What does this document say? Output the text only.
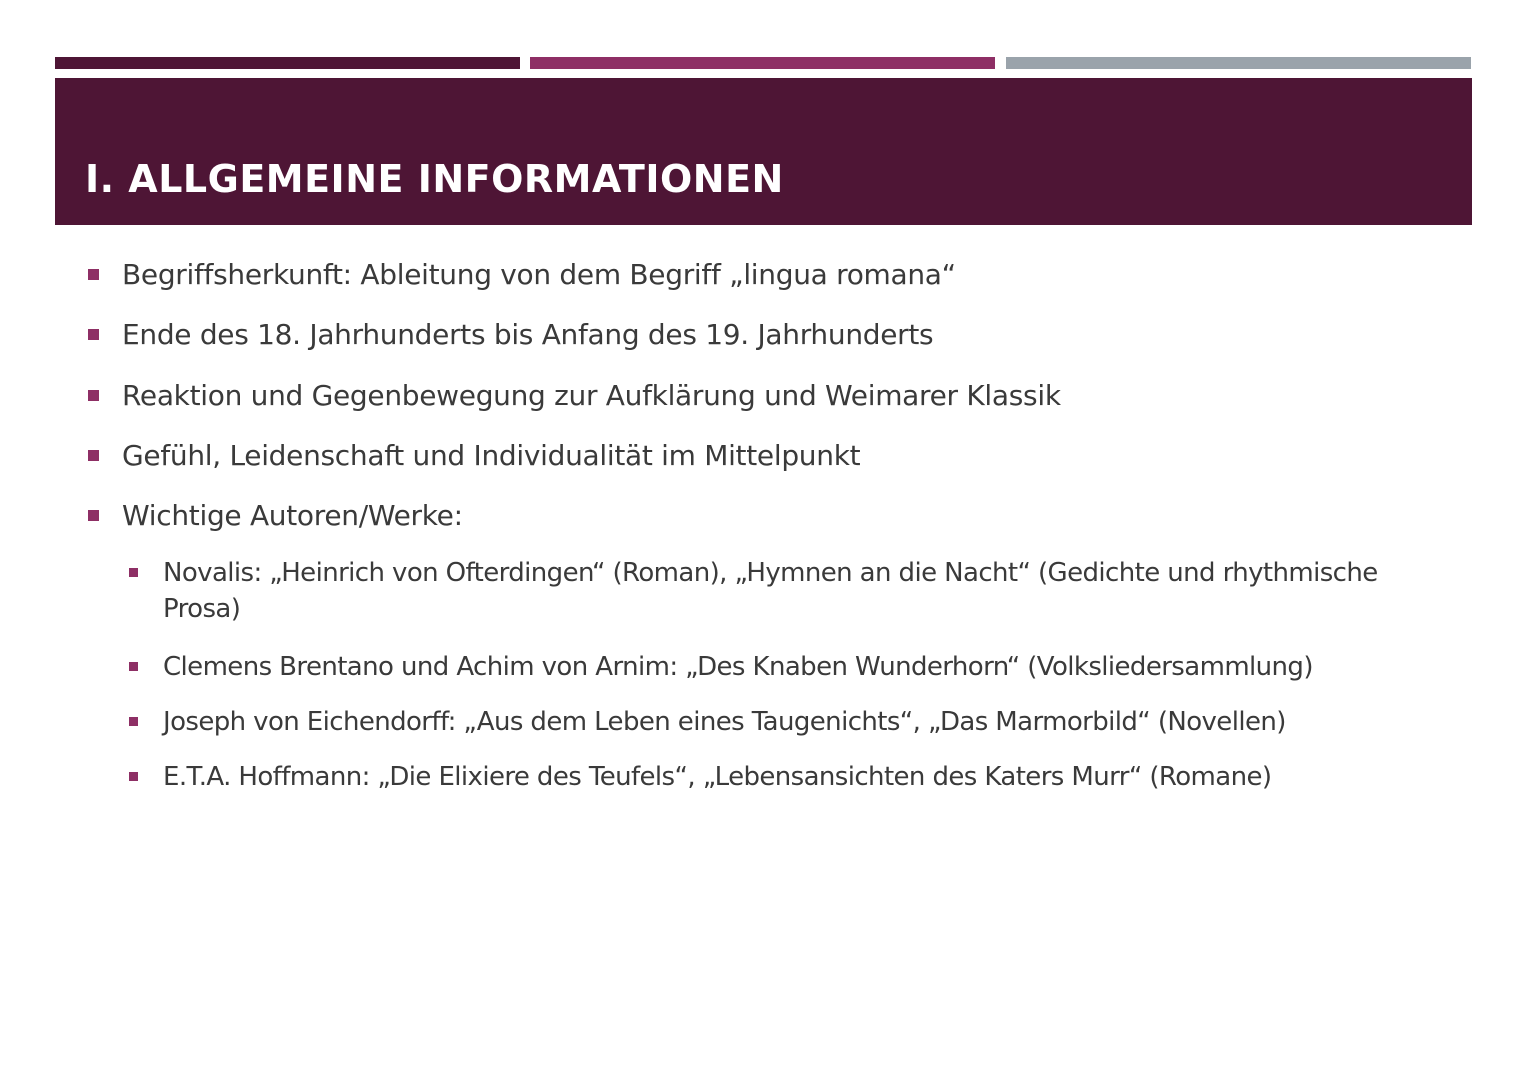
I. ALLGEMEINE INFORMATIONEN
Begriffsherkunft: Ableitung von dem Begriff „lingua romana“
Ende des 18. Jahrhunderts bis Anfang des 19. Jahrhunderts
Reaktion und Gegenbewegung zur Aufklärung und Weimarer Klassik
Gefühl, Leidenschaft und Individualität im Mittelpunkt
Wichtige Autoren/Werke:
Novalis: „Heinrich von Ofterdingen“ (Roman), „Hymnen an die Nacht“ (Gedichte und rhythmische Prosa)
Clemens Brentano und Achim von Arnim: „Des Knaben Wunderhorn“ (Volksliedersammlung)
Joseph von Eichendorff: „Aus dem Leben eines Taugenichts“, „Das Marmorbild“ (Novellen)
E.T.A. Hoffmann: „Die Elixiere des Teufels“, „Lebensansichten des Katers Murr“ (Romane)
